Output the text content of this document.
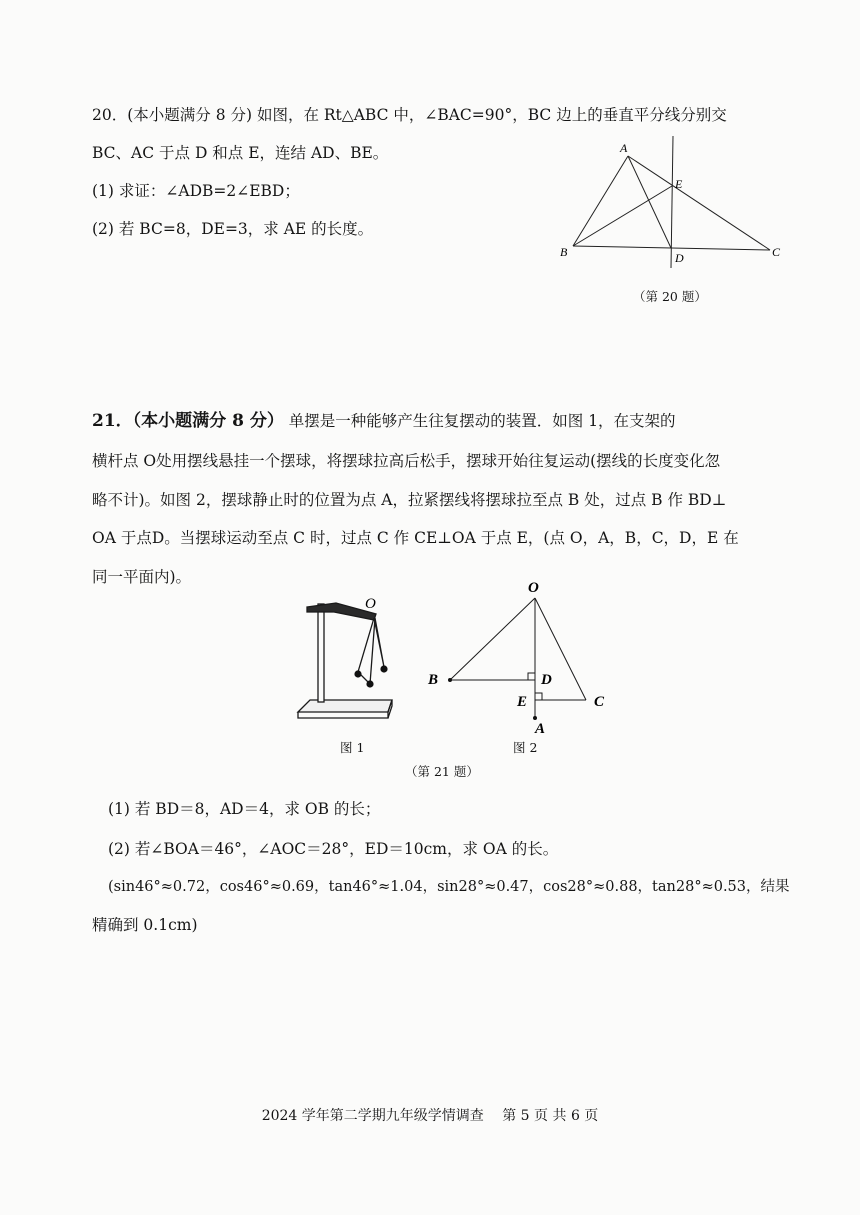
20．(本小题满分 8 分) 如图，在 Rt△ABC 中，∠BAC=90°，BC 边上的垂直平分线分别交
BC、AC 于点 D 和点 E，连结 AD、BE。
(1) 求证：∠ADB=2∠EBD；
(2) 若 BC=8，DE=3，求 AE 的长度。
A
E
B	D	C
（第 20 题）
21．（本小题满分 8 分） 单摆是一种能够产生往复摆动的装置．如图 1，在支架的
横杆点 O处用摆线悬挂一个摆球，将摆球拉高后松手，摆球开始往复运动(摆线的长度变化忽
略不计)。如图 2，摆球静止时的位置为点 A，拉紧摆线将摆球拉至点 B 处，过点 B 作 BD⊥
OA 于点D。当摆球运动至点 C 时，过点 C 作 CE⊥OA 于点 E，(点 O，A，B，C，D，E 在
同一平面内)。
O
图 1
O
B	D
E	C
A
图 2
（第 21 题）
(1) 若 BD＝8，AD＝4，求 OB 的长；
(2) 若∠BOA＝46°，∠AOC＝28°，ED＝10cm，求 OA 的长。
(sin46°≈0.72，cos46°≈0.69，tan46°≈1.04，sin28°≈0.47，cos28°≈0.88，tan28°≈0.53，结果
精确到 0.1cm)
2024 学年第二学期九年级学情调查　 第 5 页 共 6 页
